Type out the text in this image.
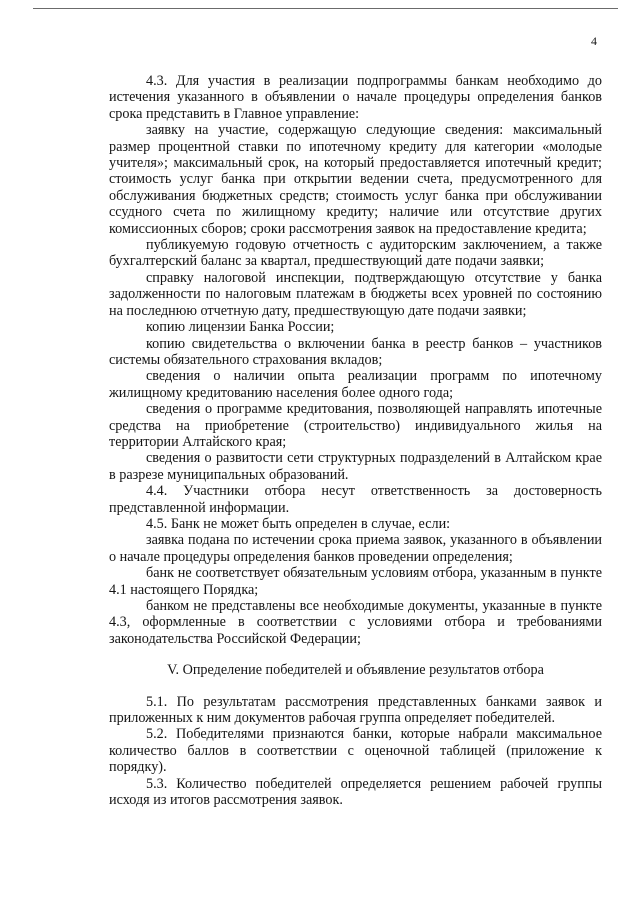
4

4.3. Для участия в реализации подпрограммы банкам необходимо до истечения указанного в объявлении о начале процедуры определения банков срока представить в Главное управление:

заявку на участие, содержащую следующие сведения: максимальный размер процентной ставки по ипотечному кредиту для категории «молодые учителя»; максимальный срок, на который предоставляется ипотечный кредит; стоимость услуг банка при открытии ведении счета, предусмотренного для обслуживания бюджетных средств; стоимость услуг банка при обслуживании ссудного счета по жилищному кредиту; наличие или отсутствие других комиссионных сборов; сроки рассмотрения заявок на предоставление кредита;

публикуемую годовую отчетность с аудиторским заключением, а также бухгалтерский баланс за квартал, предшествующий дате подачи заявки;

справку налоговой инспекции, подтверждающую отсутствие у банка задолженности по налоговым платежам в бюджеты всех уровней по состоянию на последнюю отчетную дату, предшествующую дате подачи заявки;

копию лицензии Банка России;

копию свидетельства о включении банка в реестр банков – участников системы обязательного страхования вкладов;

сведения о наличии опыта реализации программ по ипотечному жилищному кредитованию населения более одного года;

сведения о программе кредитования, позволяющей направлять ипотечные средства на приобретение (строительство) индивидуального жилья на территории Алтайского края;

сведения о развитости сети структурных подразделений в Алтайском крае в разрезе муниципальных образований.

4.4. Участники отбора несут ответственность за достоверность представленной информации.

4.5. Банк не может быть определен в случае, если:

заявка подана по истечении срока приема заявок, указанного в объявлении о начале процедуры определения банков проведении определения;

банк не соответствует обязательным условиям отбора, указанным в пункте 4.1 настоящего Порядка;

банком не представлены все необходимые документы, указанные в пункте 4.3, оформленные в соответствии с условиями отбора и требованиями законодательства Российской Федерации;

V. Определение победителей и объявление результатов отбора

5.1. По результатам рассмотрения представленных банками заявок и приложенных к ним документов рабочая группа определяет победителей.

5.2. Победителями признаются банки, которые набрали максимальное количество баллов в соответствии с оценочной таблицей (приложение к порядку).

5.3. Количество победителей определяется решением рабочей группы исходя из итогов рассмотрения заявок.
